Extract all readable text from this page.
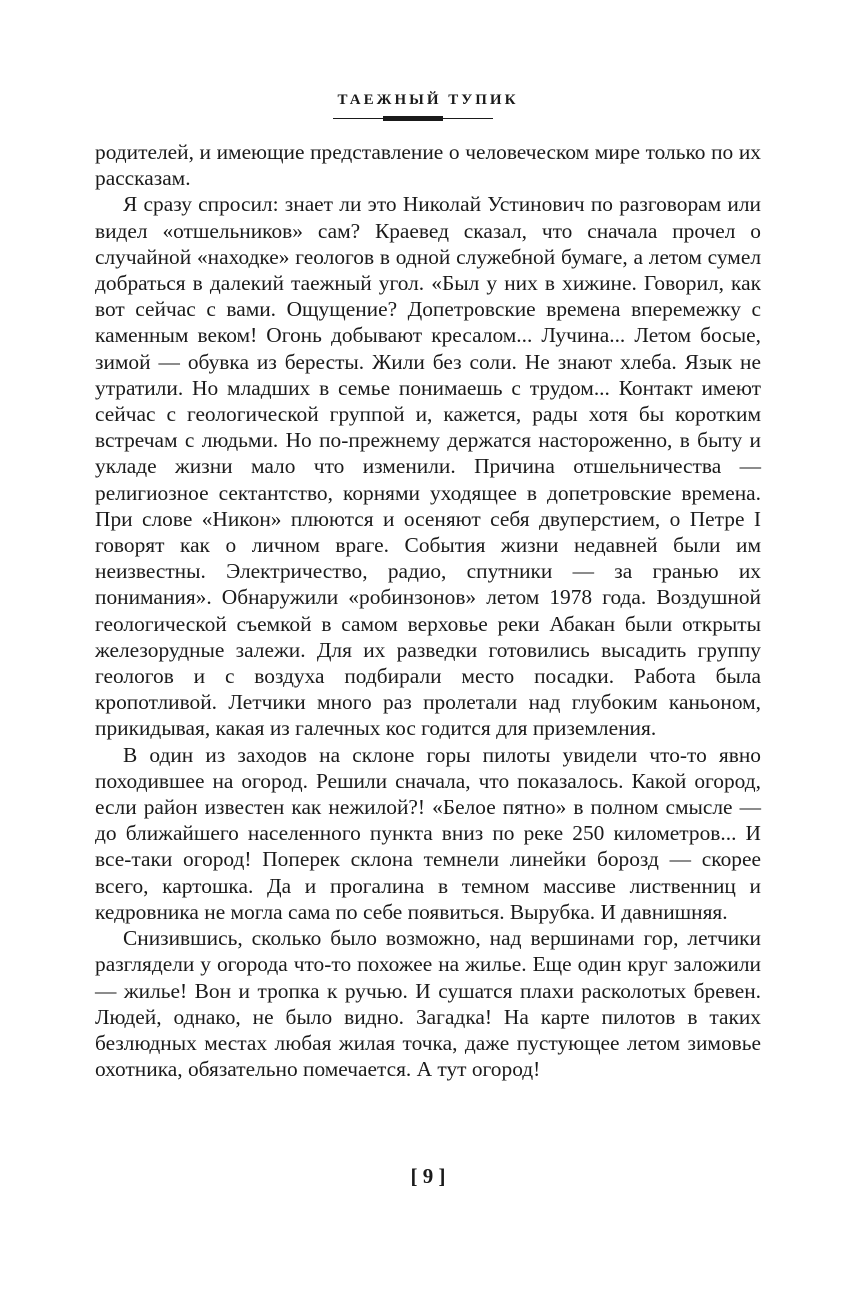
ТАЕЖНЫЙ ТУПИК

родителей, и имеющие представление о человеческом мире только по их рассказам.

Я сразу спросил: знает ли это Николай Устинович по разговорам или видел «отшельников» сам? Краевед сказал, что сначала прочел о случайной «находке» геологов в одной служебной бумаге, а летом сумел добраться в далекий таежный угол. «Был у них в хижине. Говорил, как вот сейчас с вами. Ощущение? Допетровские времена вперемежку с каменным веком! Огонь добывают кресалом... Лучина... Летом босые, зимой — обувка из бересты. Жили без соли. Не знают хлеба. Язык не утратили. Но младших в семье понимаешь с трудом... Контакт имеют сейчас с геологической группой и, кажется, рады хотя бы коротким встречам с людьми. Но по-прежнему держатся настороженно, в быту и укладе жизни мало что изменили. Причина отшельничества — религиозное сектантство, корнями уходящее в допетровские времена. При слове «Никон» плюются и осеняют себя двуперстием, о Петре I говорят как о личном враге. События жизни недавней были им неизвестны. Электричество, радио, спутники — за гранью их понимания». Обнаружили «робинзонов» летом 1978 года. Воздушной геологической съемкой в самом верховье реки Абакан были открыты железорудные залежи. Для их разведки готовились высадить группу геологов и с воздуха подбирали место посадки. Работа была кропотливой. Летчики много раз пролетали над глубоким каньоном, прикидывая, какая из галечных кос годится для приземления.

В один из заходов на склоне горы пилоты увидели что-то явно походившее на огород. Решили сначала, что показалось. Какой огород, если район известен как нежилой?! «Белое пятно» в полном смысле — до ближайшего населенного пункта вниз по реке 250 километров... И все-таки огород! Поперек склона темнели линейки борозд — скорее всего, картошка. Да и прогалина в темном массиве лиственниц и кедровника не могла сама по себе появиться. Вырубка. И давнишняя.

Снизившись, сколько было возможно, над вершинами гор, летчики разглядели у огорода что-то похожее на жилье. Еще один круг заложили — жилье! Вон и тропка к ручью. И сушатся плахи расколотых бревен. Людей, однако, не было видно. Загадка! На карте пилотов в таких безлюдных местах любая жилая точка, даже пустующее летом зимовье охотника, обязательно помечается. А тут огород!

[ 9 ]
